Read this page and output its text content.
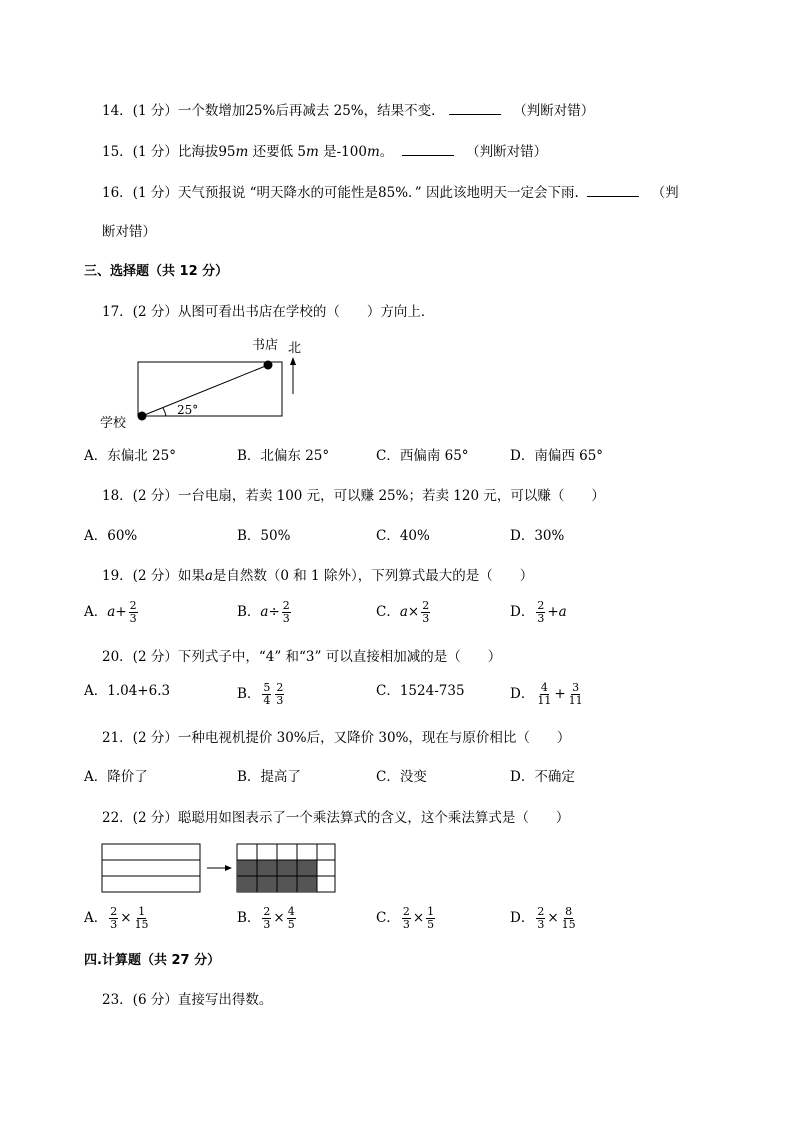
14．(1 分）一个数增加25%后再减去 25%，结果不变．	（判断对错）
15．(1 分）比海拔95m 还要低 5m 是-100m。	（判断对错）
16．(1 分）天气预报说 “明天降水的可能性是85%．” 因此该地明天一定会下雨.	（判
断对错）
三、选择题（共 12 分）
17．(2 分）从图可看出书店在学校的（　　）方向上．
书店 北
学校
25°
A．东偏北 25°	B．北偏东 25°	C．西偏南 65°	D．南偏西 65°
18．(2 分）一台电扇，若卖 100 元，可以赚 25%；若卖 120 元，可以赚（　　）
A．60%	B．50%	C．40%	D．30%
19．(2 分）如果a是自然数（0 和 1 除外），下列算式最大的是（　　）
A．$a+ \frac{2}{3}$	B．$a\div \frac{2}{3}$	C．$a\times \frac{2}{3}$	D． $\frac{2}{3} +a$
20．(2 分）下列式子中，“4” 和“3” 可以直接相加减的是（　　）
A．1.04+6.3	B． $\frac{5}{4} \frac{2}{3}$	C．1524-735	D． $\frac{4}{11} + \frac{3}{11}$
21．(2 分）一种电视机提价 30%后，又降价 30%，现在与原价相比（　　）
A．降价了	B．提高了	C．没变	D．不确定
22．(2 分）聪聪用如图表示了一个乘法算式的含义，这个乘法算式是（　　）
A． $\frac{2}{3} \times \frac{1}{15}$	B． $\frac{2}{3} \times \frac{4}{5}$	C． $\frac{2}{3} \times \frac{1}{5}$	D． $\frac{2}{3} \times \frac{8}{15}$
四.计算题（共 27 分）
23．(6 分）直接写出得数。
